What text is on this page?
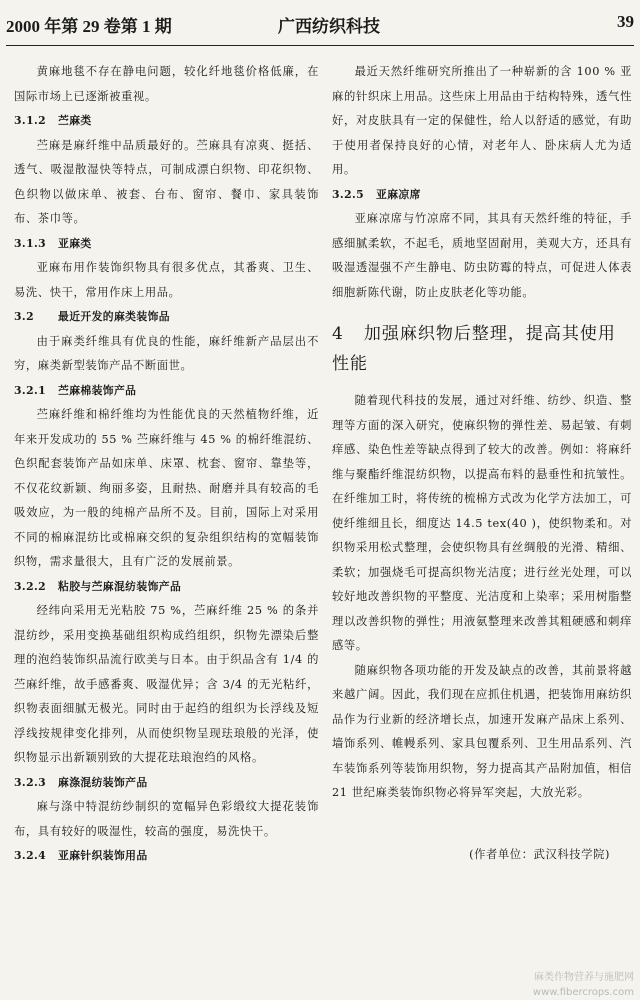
2000 年第 29 卷第 1 期	广西纺织科技	39

黄麻地毯不存在静电问题，较化纤地毯价格低廉，在国际市场上已逐渐被重视。

3.1.2 苎麻类

苎麻是麻纤维中品质最好的。苎麻具有凉爽、挺括、透气、吸湿散湿快等特点，可制成漂白织物、印花织物、色织物以做床单、被套、台布、窗帘、餐巾、家具装饰布、茶巾等。

3.1.3 亚麻类

亚麻布用作装饰织物具有很多优点，其番爽、卫生、易洗、快干，常用作床上用品。

3.2 最近开发的麻类装饰品

由于麻类纤维具有优良的性能，麻纤维新产品层出不穷，麻类新型装饰产品不断面世。

3.2.1 苎麻棉装饰产品

苎麻纤维和棉纤维均为性能优良的天然植物纤维，近年来开发成功的 55 % 苎麻纤维与 45 % 的棉纤维混纺、色织配套装饰产品如床单、床罩、枕套、窗帘、靠垫等，不仅花纹新颖、绚丽多姿，且耐热、耐磨并具有较高的毛吸效应，为一般的纯棉产品所不及。目前，国际上对采用不同的棉麻混纺比或棉麻交织的复杂组织结构的宽幅装饰织物，需求量很大，且有广泛的发展前景。

3.2.2 粘胶与苎麻混纺装饰产品

经纬向采用无光粘胶 75 %，苎麻纤维 25 % 的条并混纺纱，采用变换基础组织构成绉组织，织物先漂染后整理的泡绉装饰织品流行欧美与日本。由于织品含有 1/4 的苎麻纤维，故手感番爽、吸湿优异；含 3/4 的无光粘纤，织物表面细腻无极光。同时由于起绉的组织为长浮线及短浮线按规律变化排列，从而使织物呈现珐琅般的光泽，使织物显示出新颖别致的大提花珐琅泡绉的风格。

3.2.3 麻涤混纺装饰产品

麻与涤中特混纺纱制织的宽幅异色彩缎纹大提花装饰布，具有较好的吸湿性，较高的强度，易洗快干。

3.2.4 亚麻针织装饰用品

最近天然纤维研究所推出了一种崭新的含 100 % 亚麻的针织床上用品。这些床上用品由于结构特殊，透气性好，对皮肤具有一定的保健性，给人以舒适的感觉，有助于使用者保持良好的心情，对老年人、卧床病人尤为适用。

3.2.5 亚麻凉席

亚麻凉席与竹凉席不同，其具有天然纤维的特征，手感细腻柔软，不起毛，质地坚固耐用，美观大方，还具有吸湿透湿强不产生静电、防虫防霉的特点，可促进人体表细胞新陈代谢，防止皮肤老化等功能。

4 加强麻织物后整理，提高其使用性能

随着现代科技的发展，通过对纤维、纺纱、织造、整理等方面的深入研究，使麻织物的弹性差、易起皱、有刺痒感、染色性差等缺点得到了较大的改善。例如：将麻纤维与聚酯纤维混纺织物，以提高布料的悬垂性和抗皱性。在纤维加工时，将传统的梳棉方式改为化学方法加工，可使纤维细且长，细度达 14.5 tex(40 )，使织物柔和。对织物采用松式整理，会使织物具有丝绸般的光滑、精细、柔软；加强烧毛可提高织物光洁度；进行丝光处理，可以较好地改善织物的平整度、光洁度和上染率；采用树脂整理以改善织物的弹性；用液氨整理来改善其粗硬感和刺痒感等。

随麻织物各项功能的开发及缺点的改善，其前景将越来越广阔。因此，我们现在应抓住机遇，把装饰用麻纺织品作为行业新的经济增长点，加速开发麻产品床上系列、墙饰系列、帷幔系列、家具包覆系列、卫生用品系列、汽车装饰系列等装饰用织物，努力提高其产品附加值，相信 21 世纪麻类装饰织物必将异军突起，大放光彩。

(作者单位：武汉科技学院)
麻类作物营养与施肥网
www.fibercrops.com
